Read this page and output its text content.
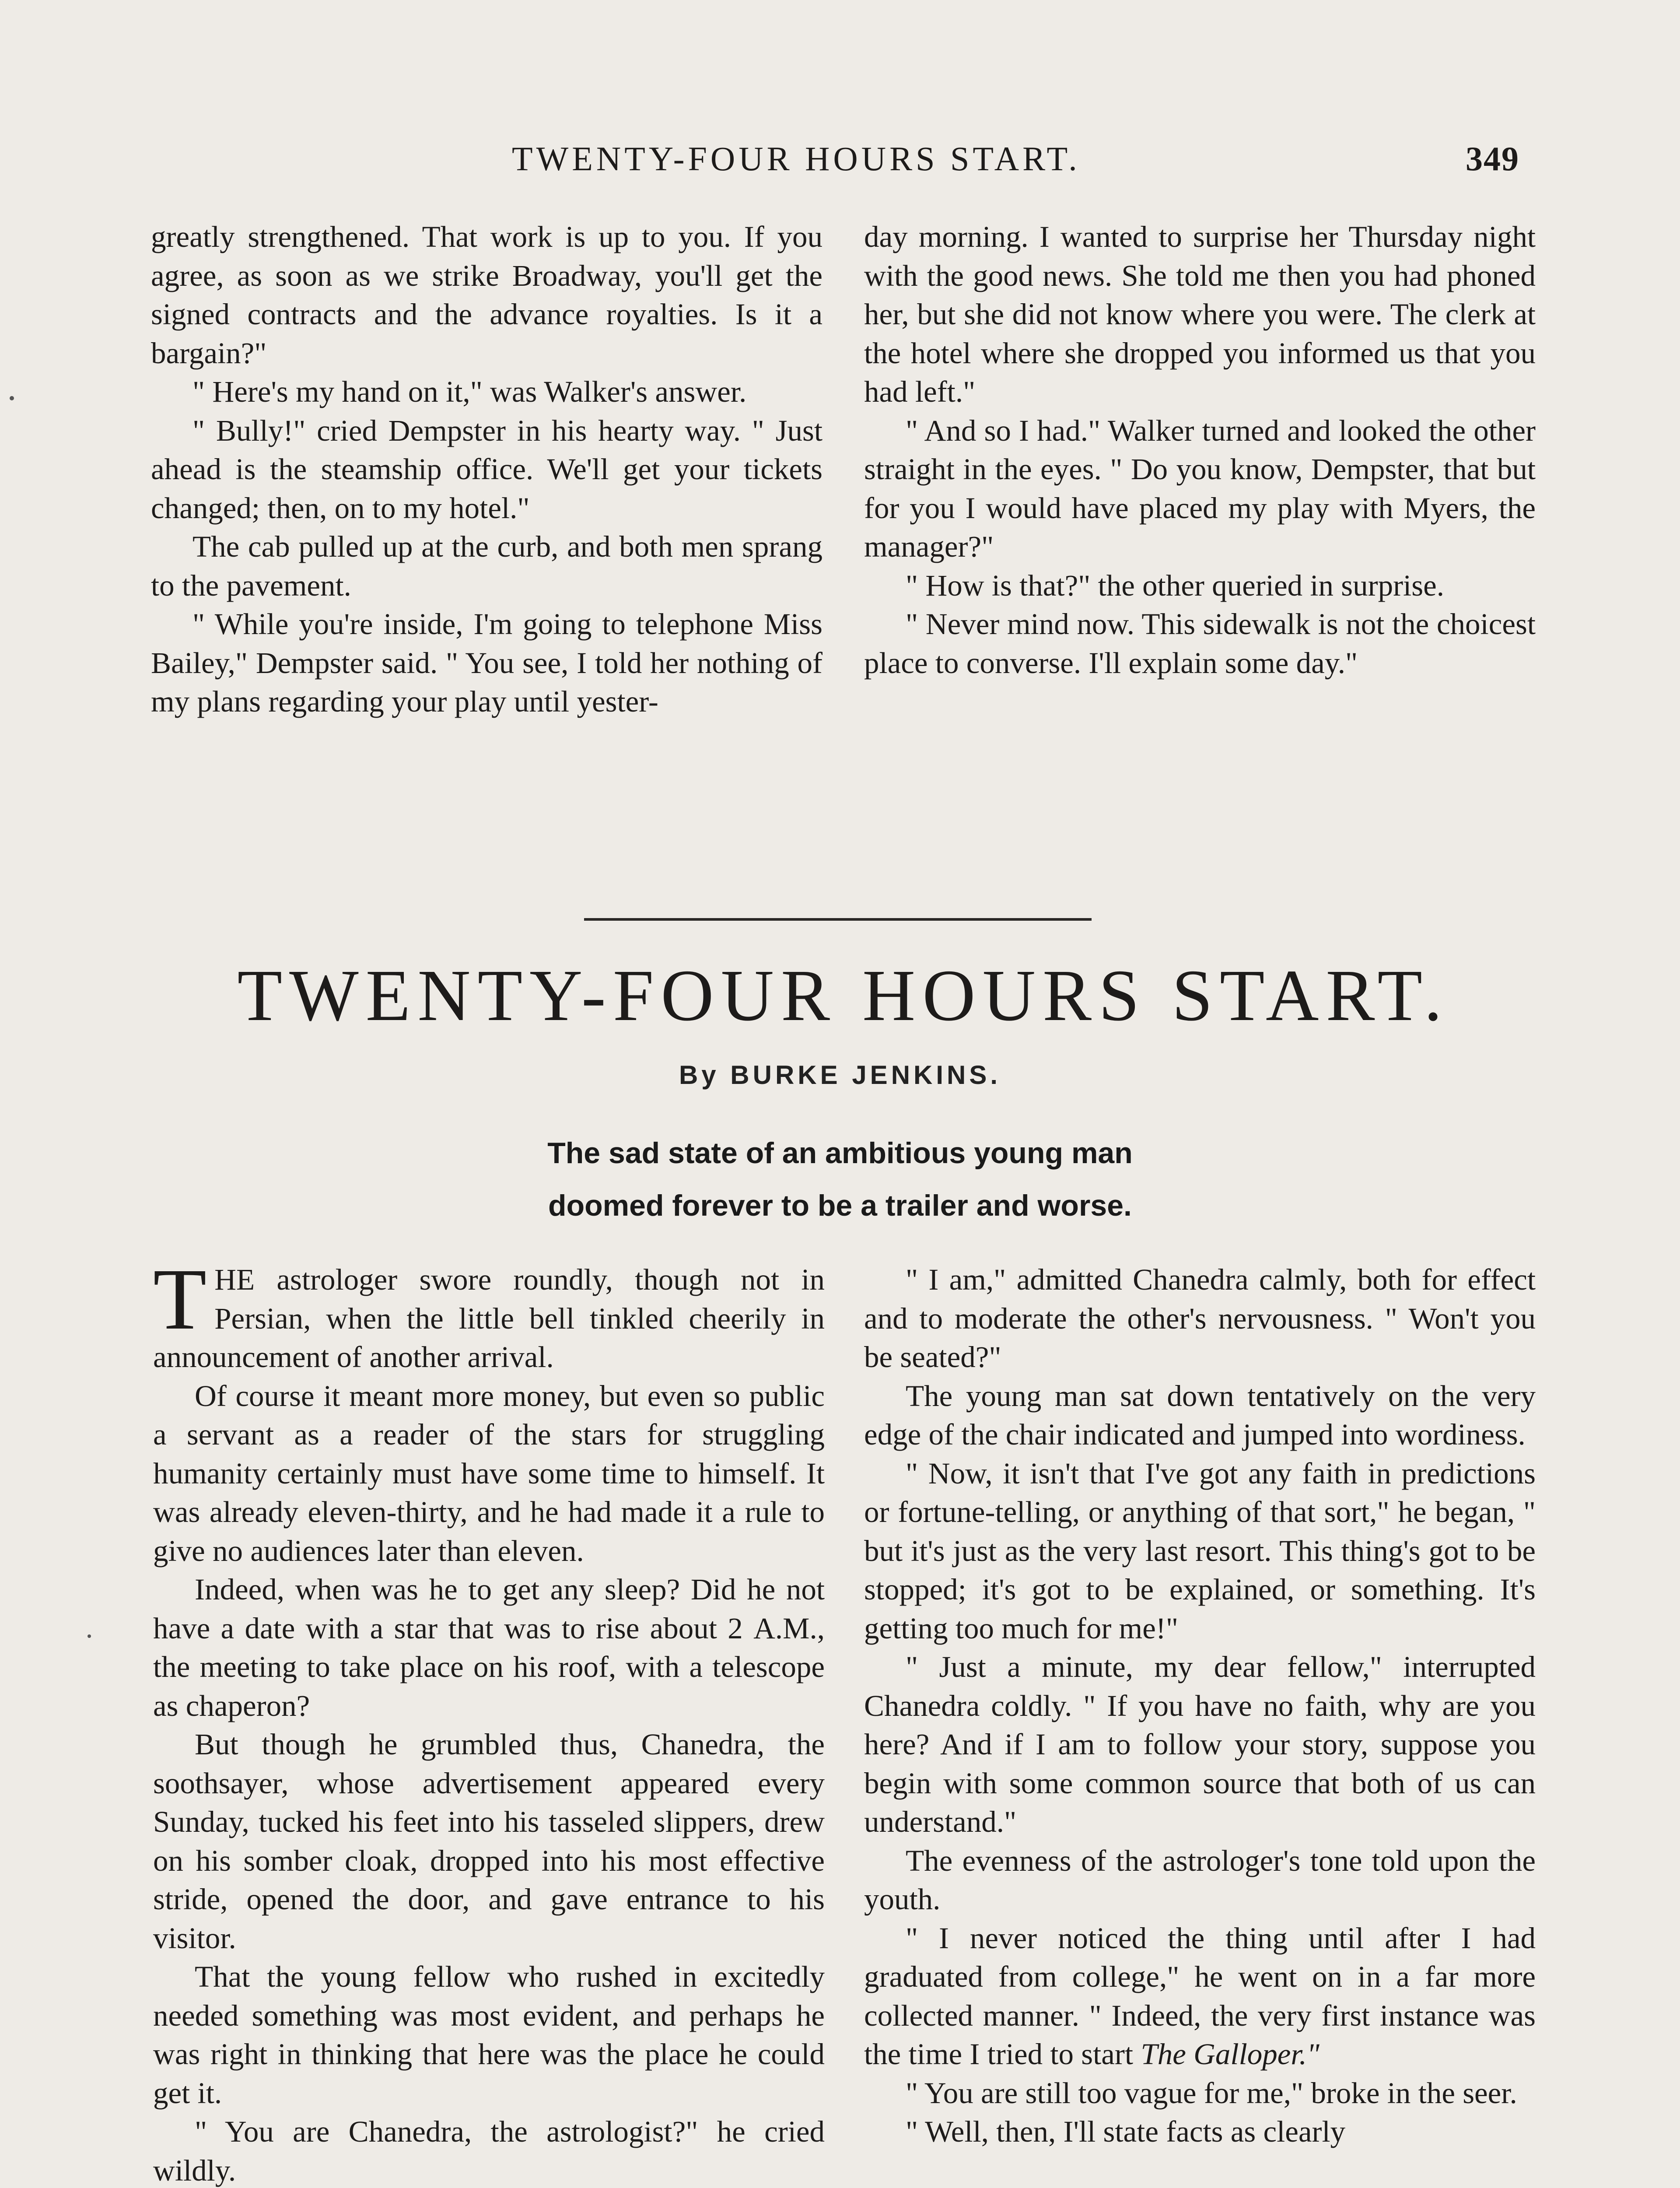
TWENTY-FOUR HOURS START.	349

greatly strengthened. That work is up to you. If you agree, as soon as we strike Broadway, you'll get the signed contracts and the advance royalties. Is it a bargain?"

" Here's my hand on it," was Walker's answer.

" Bully!" cried Dempster in his hearty way. " Just ahead is the steamship office. We'll get your tickets changed; then, on to my hotel."

The cab pulled up at the curb, and both men sprang to the pavement.

" While you're inside, I'm going to telephone Miss Bailey," Dempster said. " You see, I told her nothing of my plans regarding your play until yester-

day morning. I wanted to surprise her Thursday night with the good news. She told me then you had phoned her, but she did not know where you were. The clerk at the hotel where she dropped you informed us that you had left."

" And so I had." Walker turned and looked the other straight in the eyes. " Do you know, Dempster, that but for you I would have placed my play with Myers, the manager?"

" How is that?" the other queried in surprise.

" Never mind now. This sidewalk is not the choicest place to converse. I'll explain some day."

TWENTY-FOUR HOURS START.
By BURKE JENKINS.
The sad state of an ambitious young man
doomed forever to be a trailer and worse.

THE astrologer swore roundly, though not in Persian, when the little bell tinkled cheerily in announcement of another arrival.

Of course it meant more money, but even so public a servant as a reader of the stars for struggling humanity certainly must have some time to himself. It was already eleven-thirty, and he had made it a rule to give no audiences later than eleven.

Indeed, when was he to get any sleep? Did he not have a date with a star that was to rise about 2 A.M., the meeting to take place on his roof, with a telescope as chaperon?

But though he grumbled thus, Chanedra, the soothsayer, whose advertisement appeared every Sunday, tucked his feet into his tasseled slippers, drew on his somber cloak, dropped into his most effective stride, opened the door, and gave entrance to his visitor.

That the young fellow who rushed in excitedly needed something was most evident, and perhaps he was right in thinking that here was the place he could get it.

" You are Chanedra, the astrologist?" he cried wildly.

" I am," admitted Chanedra calmly, both for effect and to moderate the other's nervousness. " Won't you be seated?"

The young man sat down tentatively on the very edge of the chair indicated and jumped into wordiness.

" Now, it isn't that I've got any faith in predictions or fortune-telling, or anything of that sort," he began, " but it's just as the very last resort. This thing's got to be stopped; it's got to be explained, or something. It's getting too much for me!"

" Just a minute, my dear fellow," interrupted Chanedra coldly. " If you have no faith, why are you here? And if I am to follow your story, suppose you begin with some common source that both of us can understand."

The evenness of the astrologer's tone told upon the youth.

" I never noticed the thing until after I had graduated from college," he went on in a far more collected manner. " Indeed, the very first instance was the time I tried to start The Galloper."

" You are still too vague for me," broke in the seer.

" Well, then, I'll state facts as clearly
